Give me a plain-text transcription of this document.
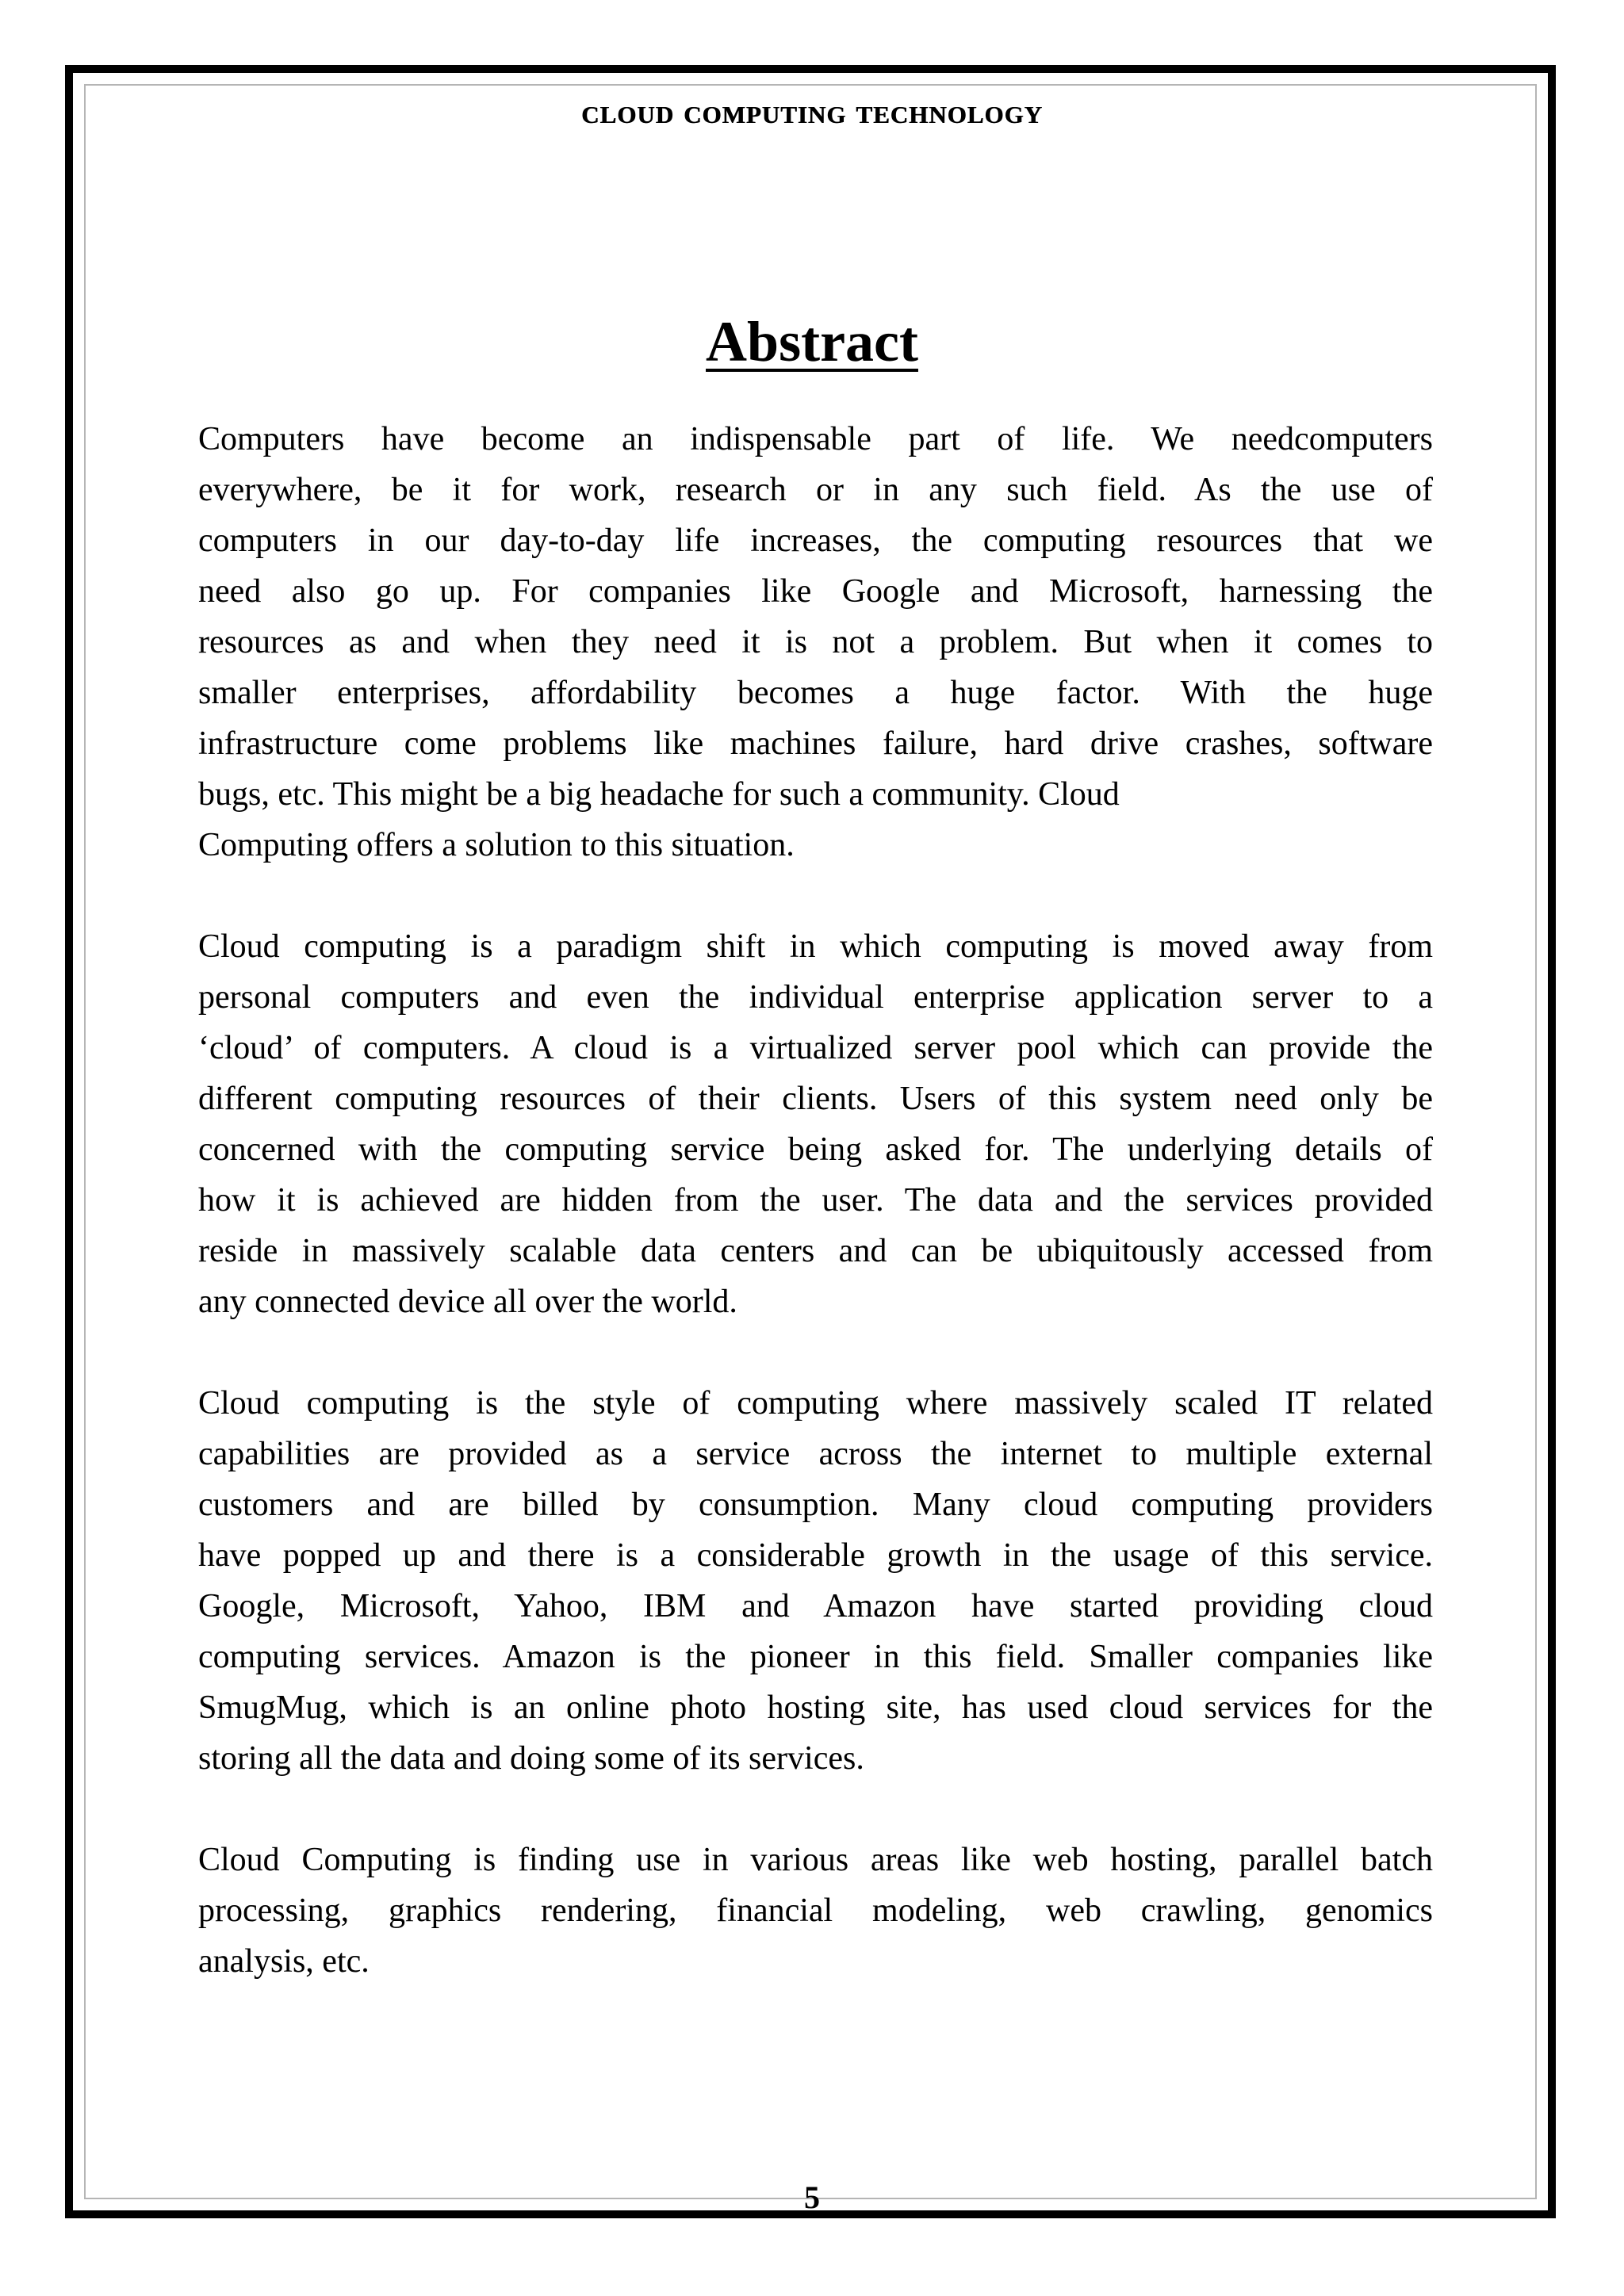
cloud computing technology
Abstract

Computers have become an indispensable part of life. We needcomputers
everywhere, be it for work, research or in any such field. As the use of
computers in our day-to-day life increases, the computing resources that we
need also go up. For companies like Google and Microsoft, harnessing the
resources as and when they need it is not a problem. But when it comes to
smaller enterprises, affordability becomes a huge factor. With the huge
infrastructure come problems like machines failure, hard drive crashes, software
bugs, etc. This might be a big headache for such a community. Cloud
Computing offers a solution to this situation.

Cloud computing is a paradigm shift in which computing is moved away from
personal computers and even the individual enterprise application server to a
‘cloud’ of computers. A cloud is a virtualized server pool which can provide the
different computing resources of their clients. Users of this system need only be
concerned with the computing service being asked for. The underlying details of
how it is achieved are hidden from the user. The data and the services provided
reside in massively scalable data centers and can be ubiquitously accessed from
any connected device all over the world.

Cloud computing is the style of computing where massively scaled IT related
capabilities are provided as a service across the internet to multiple external
customers and are billed by consumption. Many cloud computing providers
have popped up and there is a considerable growth in the usage of this service.
Google, Microsoft, Yahoo, IBM and Amazon have started providing cloud
computing services. Amazon is the pioneer in this field. Smaller companies like
SmugMug, which is an online photo hosting site, has used cloud services for the
storing all the data and doing some of its services.

Cloud Computing is finding use in various areas like web hosting, parallel batch
processing, graphics rendering, financial modeling, web crawling, genomics
analysis, etc.

5
